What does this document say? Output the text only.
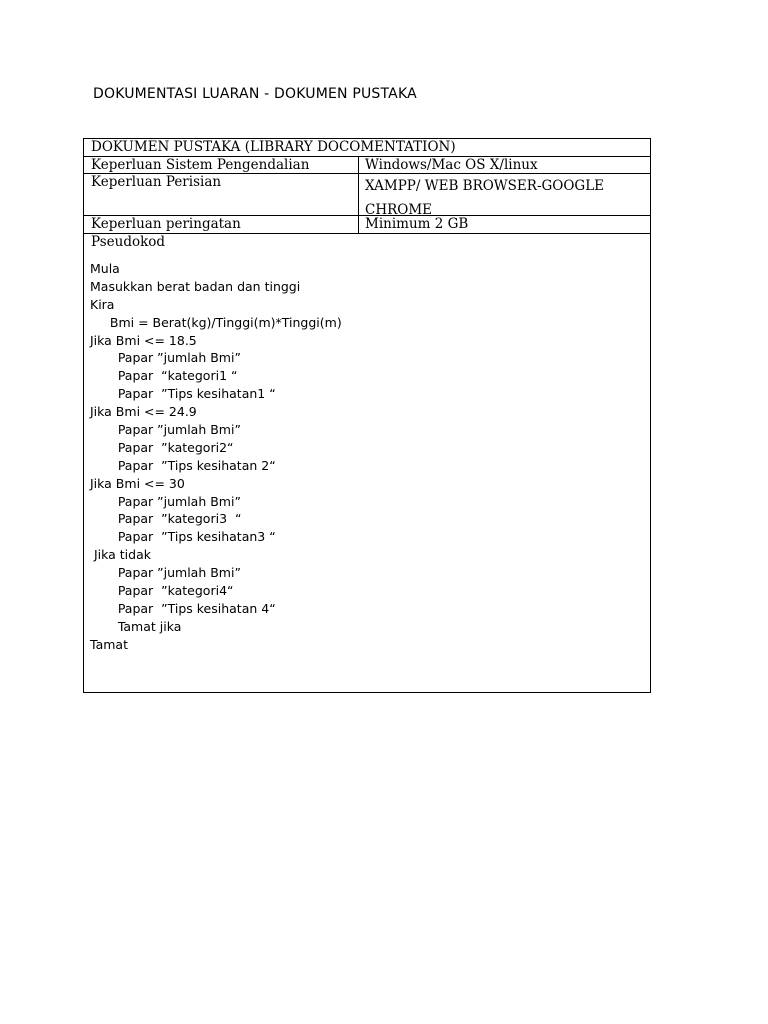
DOKUMENTASI LUARAN - DOKUMEN PUSTAKA
DOKUMEN PUSTAKA (LIBRARY DOCOMENTATION)
Keperluan Sistem Pengendalian	Windows/Mac OS X/linux
Keperluan Perisian	XAMPP/ WEB BROWSER-GOOGLE
CHROME
Keperluan peringatan	Minimum 2 GB
Pseudokod
Mula
Masukkan berat badan dan tinggi
Kira
Bmi = Berat(kg)/Tinggi(m)*Tinggi(m)
Jika Bmi <= 18.5
Papar ”jumlah Bmi”
Papar  “kategori1 “
Papar  ”Tips kesihatan1 “
Jika Bmi <= 24.9
Papar ”jumlah Bmi”
Papar  ”kategori2“
Papar  ”Tips kesihatan 2“
Jika Bmi <= 30
Papar ”jumlah Bmi”
Papar  ”kategori3  “
Papar  ”Tips kesihatan3 “
Jika tidak
Papar ”jumlah Bmi”
Papar  ”kategori4“
Papar  ”Tips kesihatan 4“
Tamat jika
Tamat
